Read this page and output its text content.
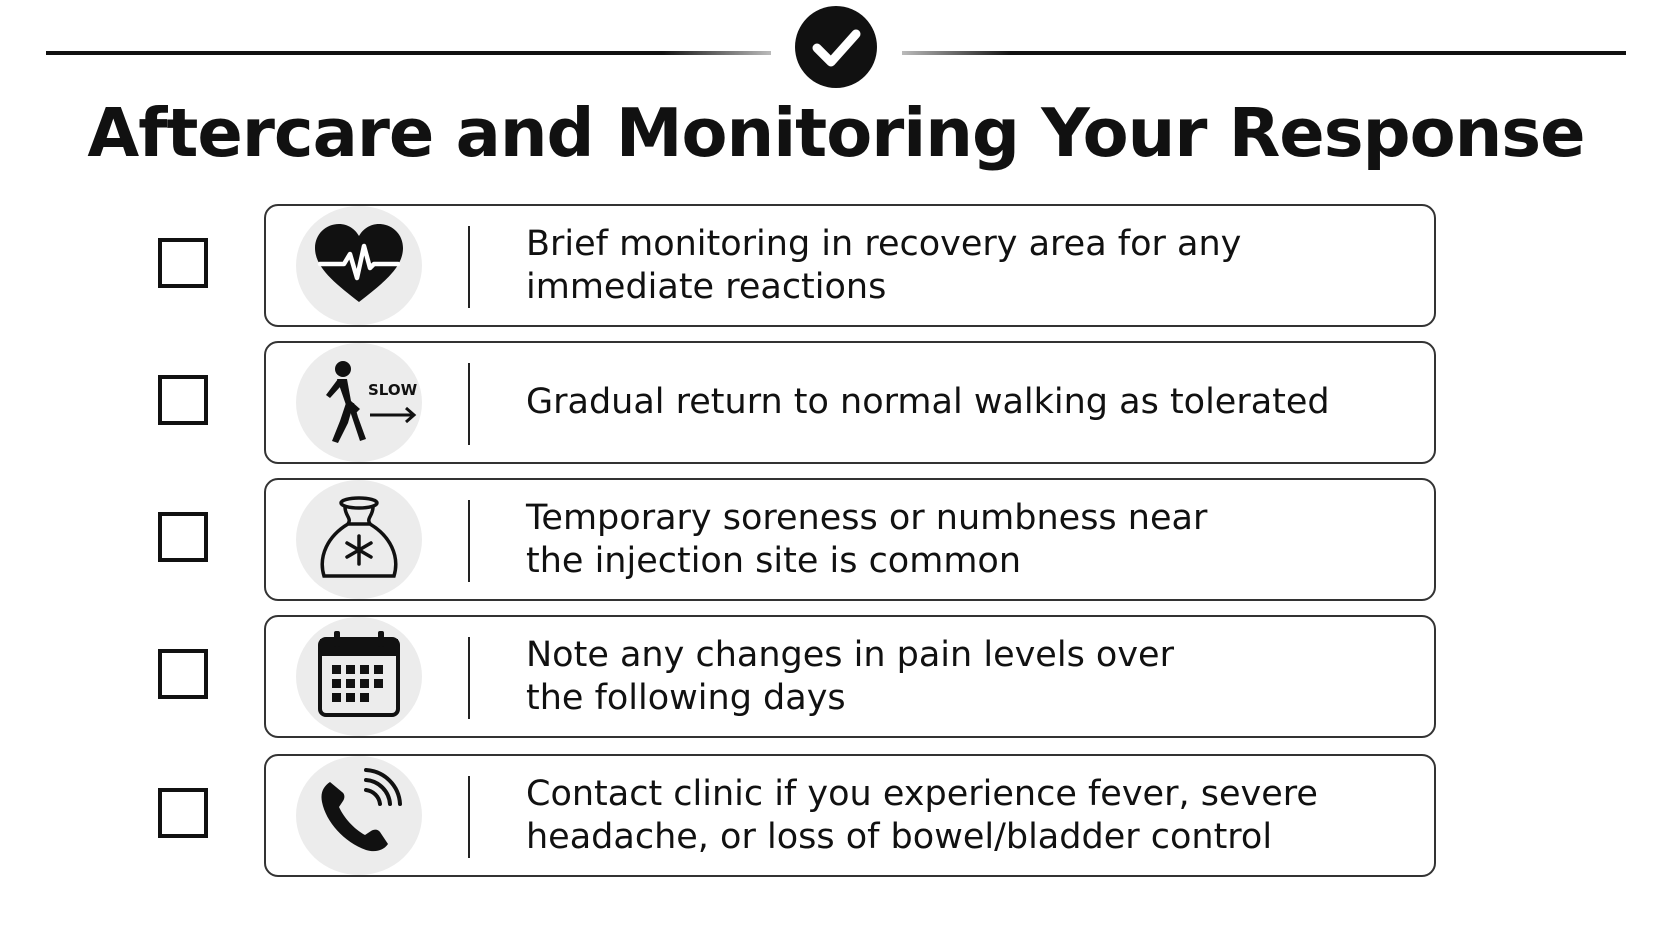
Aftercare and Monitoring Your Response
Brief monitoring in recovery area for any
immediate reactions
SLOW	Gradual return to normal walking as tolerated
Temporary soreness or numbness near
the injection site is common
Note any changes in pain levels over
the following days
Contact clinic if you experience fever, severe
headache, or loss of bowel/bladder control
